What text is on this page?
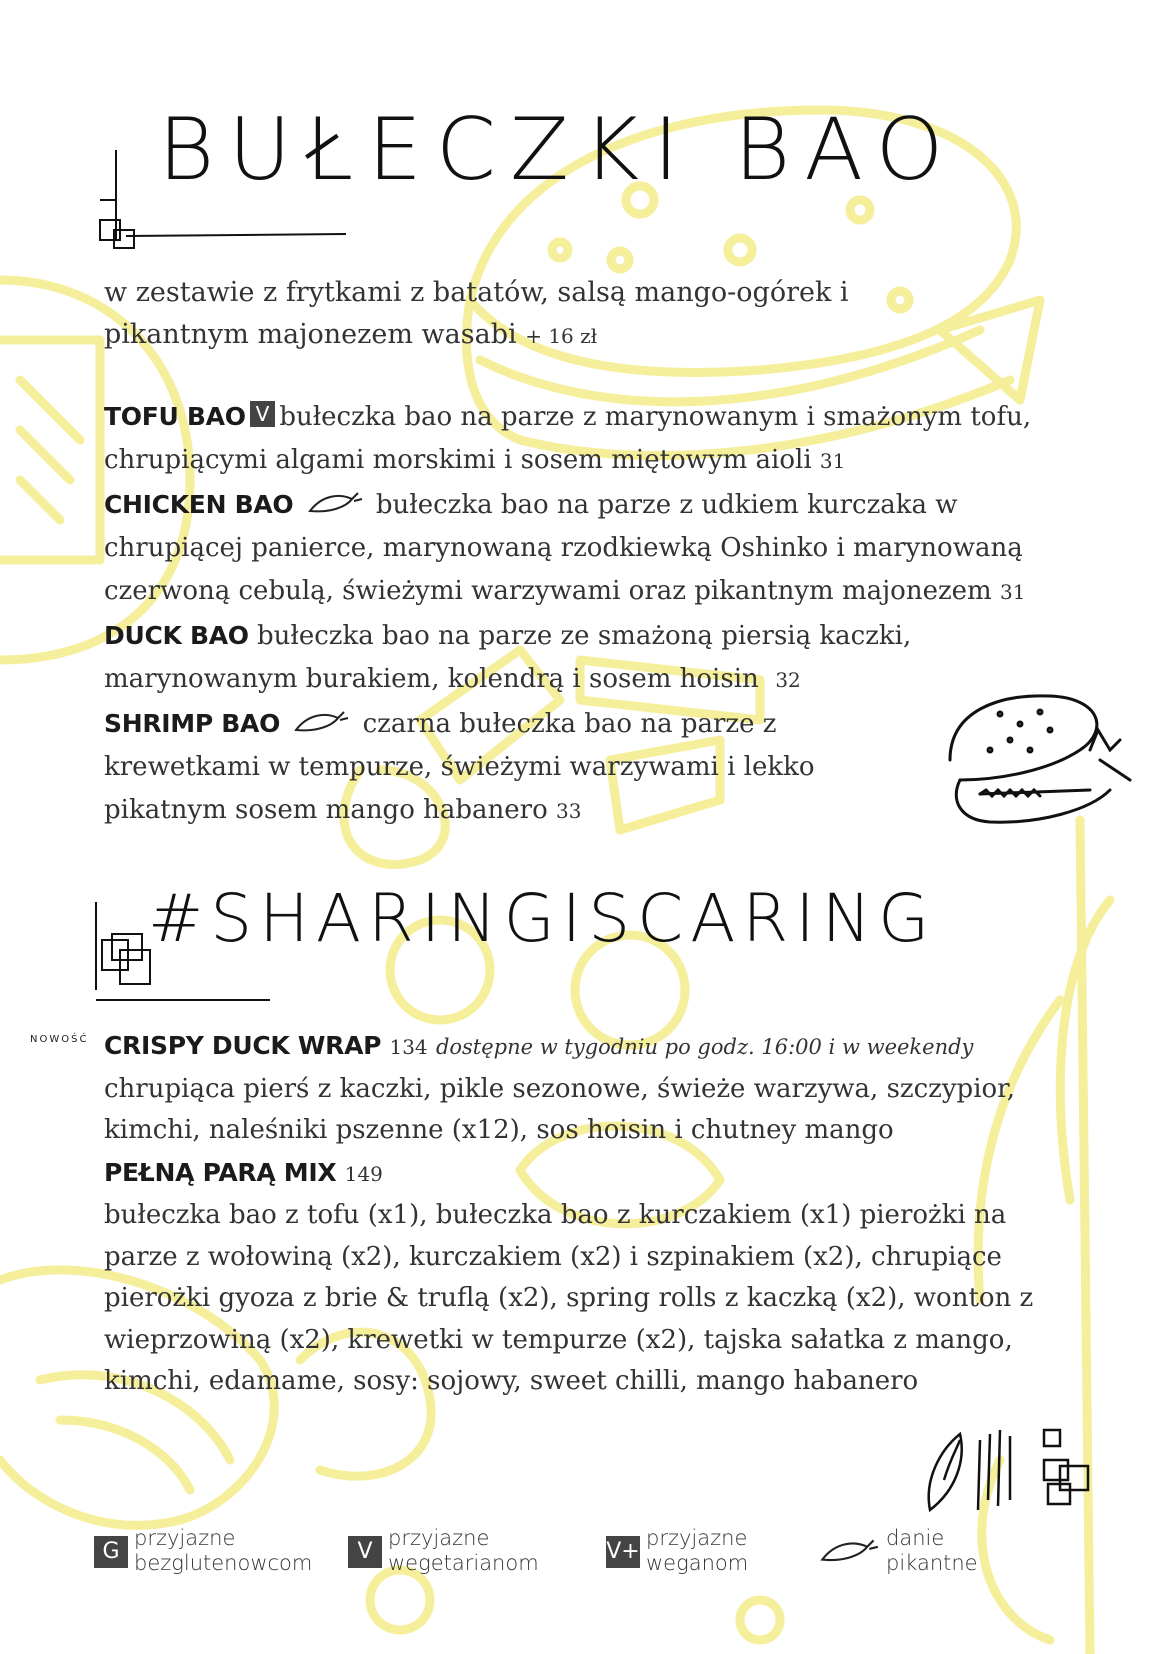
BUŁECZKI BAO
w zestawie z frytkami z batatów, salsą mango-ogórek i pikantnym majonezem wasabi + 16 zł

TOFU BAO V bułeczka bao na parze z marynowanym i smażonym tofu, chrupiącymi algami morskimi i sosem miętowym aioli 31

CHICKEN BAO	bułeczka bao na parze z udkiem kurczaka w chrupiącej panierce, marynowaną rzodkiewką Oshinko i marynowaną czerwoną cebulą, świeżymi warzywami oraz pikantnym majonezem 31

DUCK BAO bułeczka bao na parze ze smażoną piersią kaczki, marynowanym burakiem, kolendrą i sosem hoisin 32

SHRIMP BAO	czarna bułeczka bao na parze z krewetkami w tempurze, świeżymi warzywami i lekko pikatnym sosem mango habanero 33

#SHARINGISCARING
NOWOŚĆ CRISPY DUCK WRAP 134 dostępne w tygodniu po godz. 16:00 i w weekendy

chrupiąca pierś z kaczki, pikle sezonowe, świeże warzywa, szczypior, kimchi, naleśniki pszenne (x12), sos hoisin i chutney mango

PEŁNĄ PARĄ MIX 149

bułeczka bao z tofu (x1), bułeczka bao z kurczakiem (x1) pierożki na parze z wołowiną (x2), kurczakiem (x2) i szpinakiem (x2), chrupiące pierożki gyoza z brie & truflą (x2), spring rolls z kaczką (x2), wonton z wieprzowiną (x2), krewetki w tempurze (x2), tajska sałatka z mango, kimchi, edamame, sosy: sojowy, sweet chilli, mango habanero

G
przyjazne
bezglutenowcom	V
przyjazne
wegetarianom	V+
przyjazne
weganom
danie
pikantne
